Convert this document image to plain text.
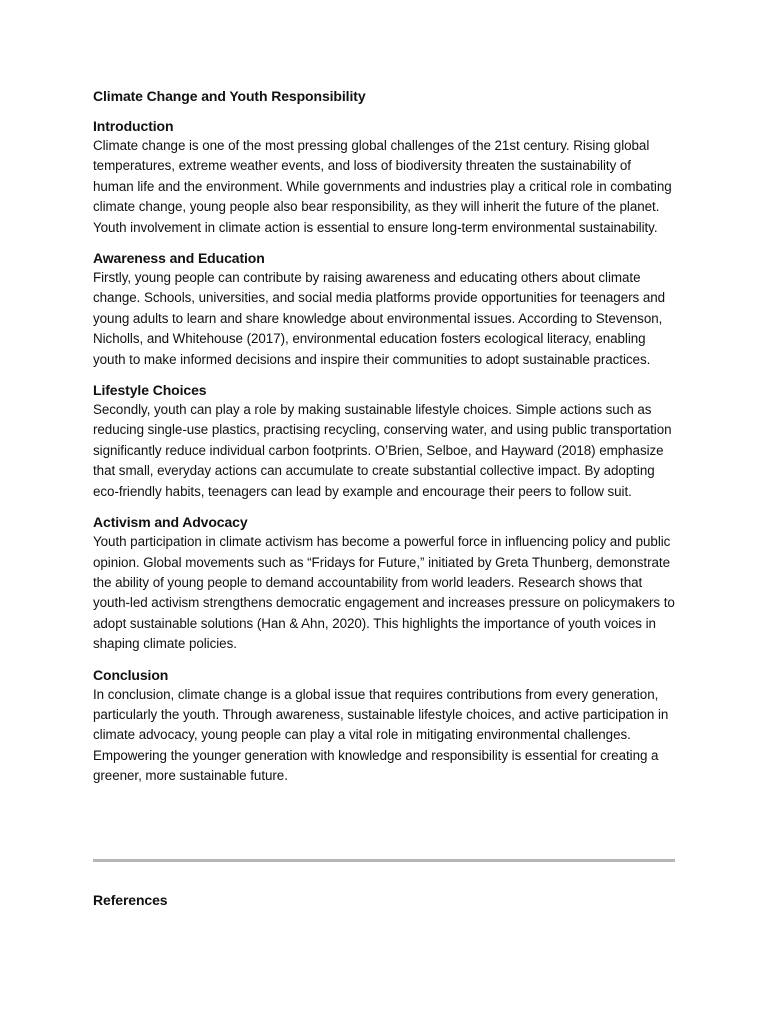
Climate Change and Youth Responsibility
Introduction

Climate change is one of the most pressing global challenges of the 21st century. Rising global temperatures, extreme weather events, and loss of biodiversity threaten the sustainability of human life and the environment. While governments and industries play a critical role in combating climate change, young people also bear responsibility, as they will inherit the future of the planet. Youth involvement in climate action is essential to ensure long-term environmental sustainability.

Awareness and Education

Firstly, young people can contribute by raising awareness and educating others about climate change. Schools, universities, and social media platforms provide opportunities for teenagers and young adults to learn and share knowledge about environmental issues. According to Stevenson, Nicholls, and Whitehouse (2017), environmental education fosters ecological literacy, enabling youth to make informed decisions and inspire their communities to adopt sustainable practices.

Lifestyle Choices

Secondly, youth can play a role by making sustainable lifestyle choices. Simple actions such as reducing single-use plastics, practising recycling, conserving water, and using public transportation significantly reduce individual carbon footprints. O’Brien, Selboe, and Hayward (2018) emphasize that small, everyday actions can accumulate to create substantial collective impact. By adopting eco-friendly habits, teenagers can lead by example and encourage their peers to follow suit.

Activism and Advocacy

Youth participation in climate activism has become a powerful force in influencing policy and public opinion. Global movements such as “Fridays for Future,” initiated by Greta Thunberg, demonstrate the ability of young people to demand accountability from world leaders. Research shows that youth-led activism strengthens democratic engagement and increases pressure on policymakers to adopt sustainable solutions (Han & Ahn, 2020). This highlights the importance of youth voices in shaping climate policies.

Conclusion

In conclusion, climate change is a global issue that requires contributions from every generation, particularly the youth. Through awareness, sustainable lifestyle choices, and active participation in climate advocacy, young people can play a vital role in mitigating environmental challenges. Empowering the younger generation with knowledge and responsibility is essential for creating a greener, more sustainable future.

References
